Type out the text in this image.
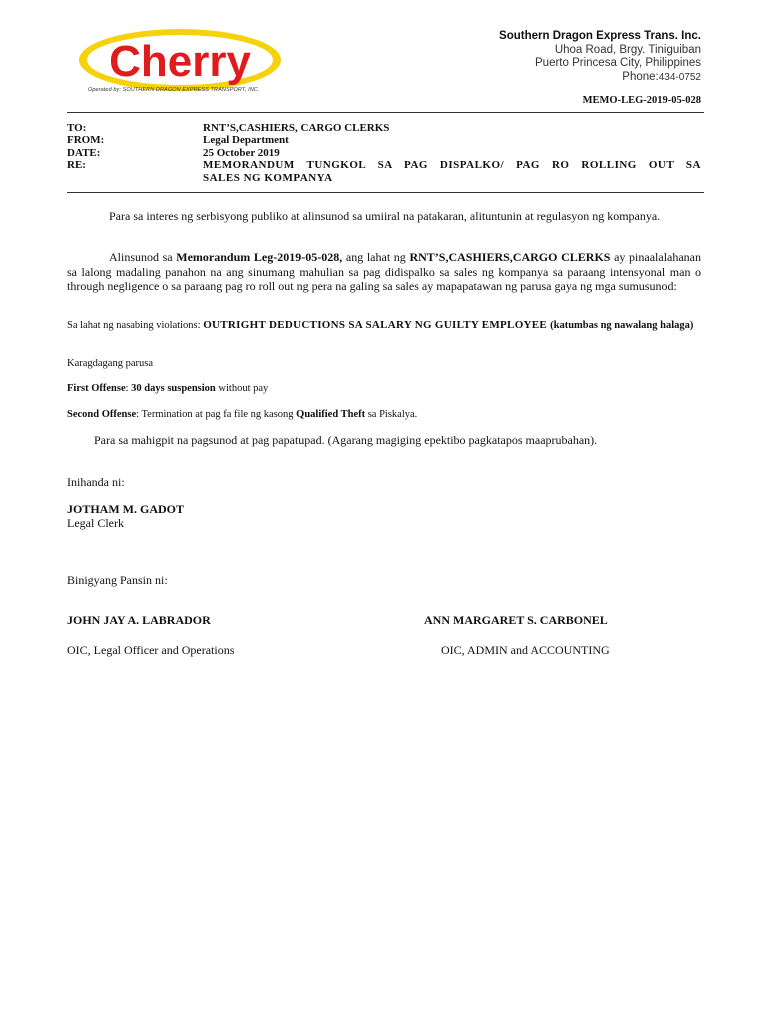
Cherry
Operated by: SOUTHERN DRAGON EXPRESS TRANSPORT, INC.
Southern Dragon Express Trans. Inc.
Uhoa Road, Brgy. Tiniguiban
Puerto Princesa City, Philippines
Phone:434-0752
MEMO-LEG-2019-05-028
TO:	RNT’S,CASHIERS, CARGO CLERKS
FROM:	Legal Department
DATE:	25 October 2019
RE:	MEMORANDUM TUNGKOL SA PAG DISPALKO/ PAG RO ROLLING OUT SA
SALES NG KOMPANYA
Para sa interes ng serbisyong publiko at alinsunod sa umiiral na patakaran, alituntunin at regulasyon ng kompanya.
Alinsunod sa Memorandum Leg-2019-05-028, ang lahat ng RNT’S,CASHIERS,CARGO CLERKS ay pinaalalahanan sa lalong madaling panahon na ang sinumang mahulian sa pag didispalko sa sales ng kompanya sa paraang intensyonal man o through negligence o sa paraang pag ro roll out ng pera na galing sa sales ay mapapatawan ng parusa gaya ng mga sumusunod:
Sa lahat ng nasabing violations: OUTRIGHT DEDUCTIONS SA SALARY NG GUILTY EMPLOYEE (katumbas ng nawalang halaga)
Karagdagang parusa
First Offense: 30 days suspension without pay
Second Offense: Termination at pag fa file ng kasong Qualified Theft sa Piskalya.
Para sa mahigpit na pagsunod at pag papatupad. (Agarang magiging epektibo pagkatapos maaprubahan).
Inihanda ni:
JOTHAM M. GADOT
Legal Clerk
Binigyang Pansin ni:
JOHN JAY A. LABRADOR
OIC, Legal Officer and Operations
ANN MARGARET S. CARBONEL
OIC, ADMIN and ACCOUNTING
